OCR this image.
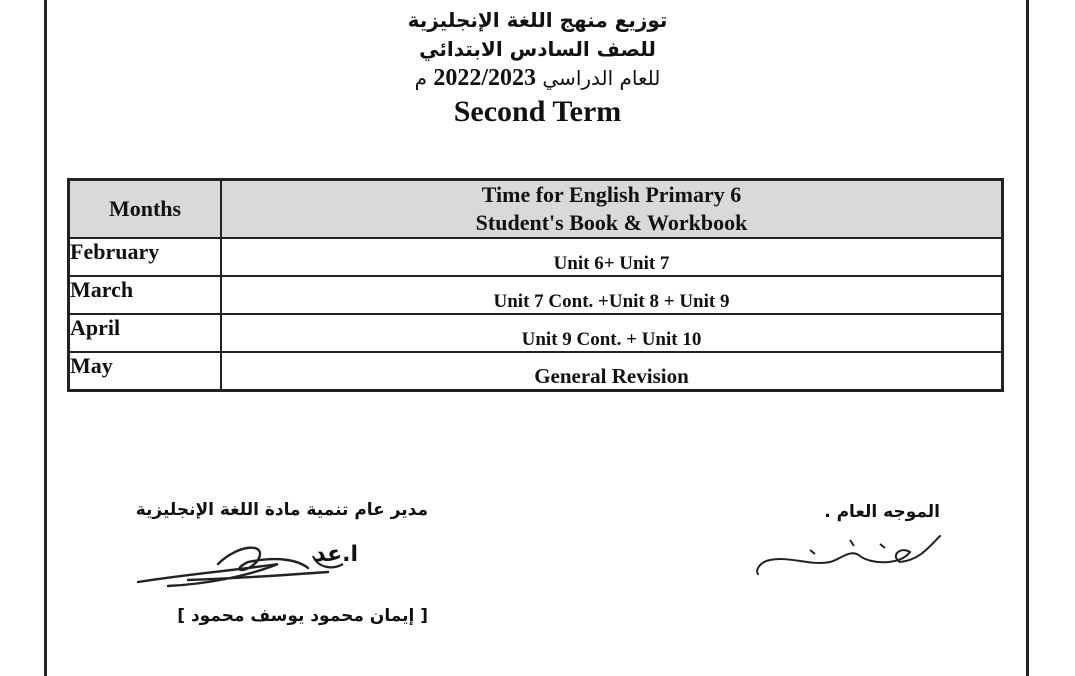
توزيع منهج اللغة الإنجليزية
للصف السادس الابتدائي
للعام الدراسي 2022/2023 م
Second Term
Months	Time for English Primary 6
Student's Book & Workbook

February	Unit 6+ Unit 7
March	Unit 7 Cont. +Unit 8 + Unit 9
April	Unit 9 Cont. + Unit 10
May	General Revision
مدير عام تنمية مادة اللغة الإنجليزية
ا.عد
[ إيمان محمود يوسف محمود ]
الموجه العام .
